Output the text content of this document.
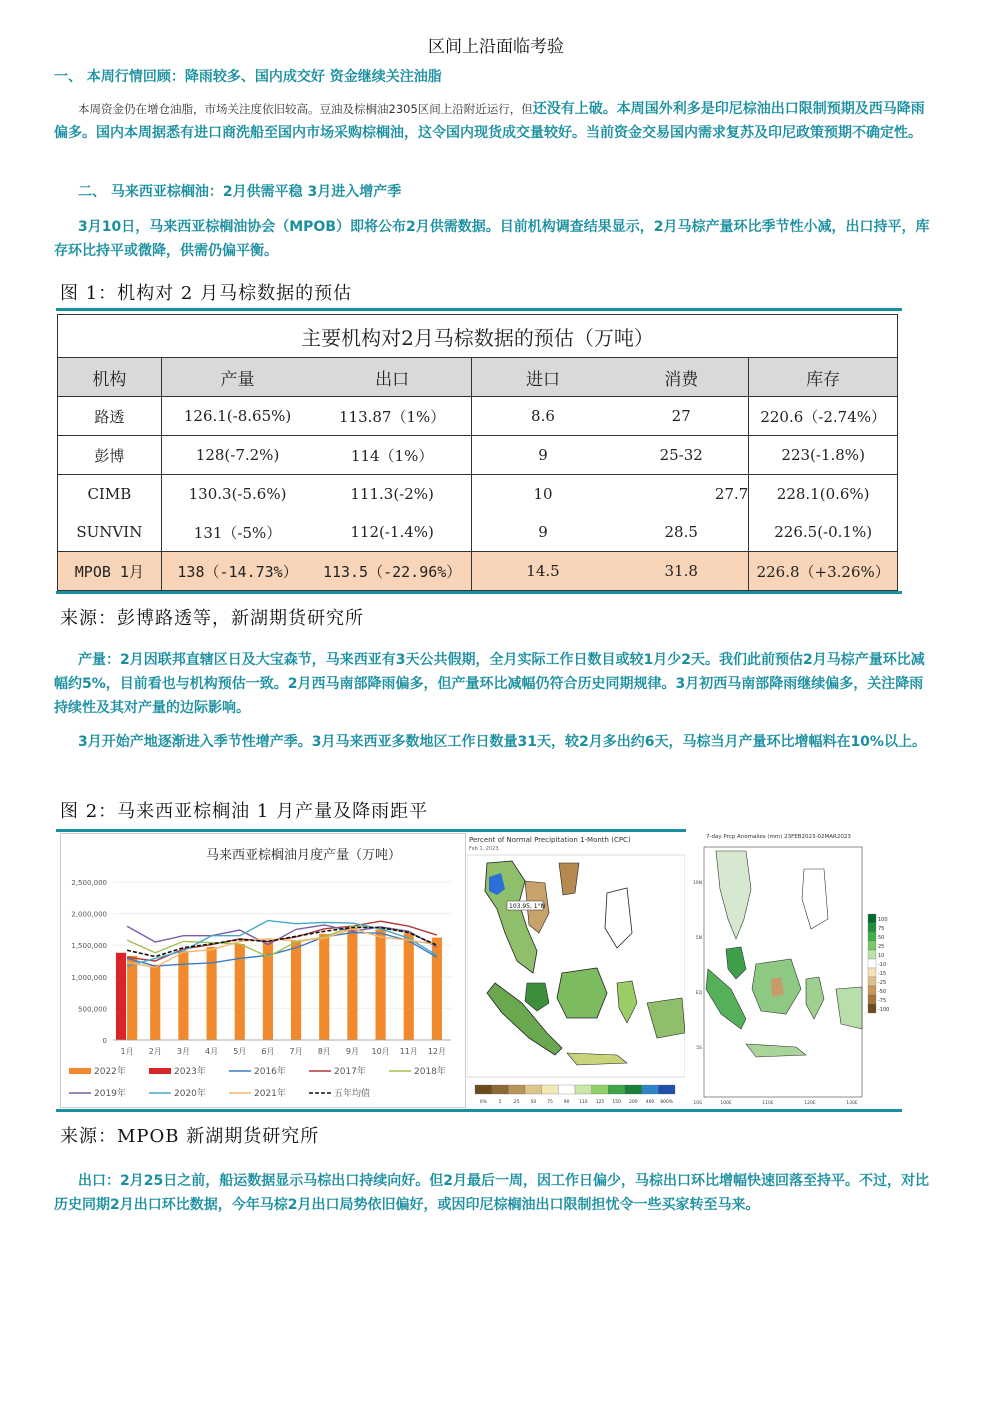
区间上沿面临考验
一、 本周行情回顾：降雨较多、国内成交好 资金继续关注油脂
本周资金仍在增仓油脂，市场关注度依旧较高。豆油及棕榈油2305区间上沿附近运行，但还没有上破。本周国外利多是印尼棕油出口限制预期及西马降雨偏多。国内本周据悉有进口商洗船至国内市场采购棕榈油，这令国内现货成交量较好。当前资金交易国内需求复苏及印尼政策预期不确定性。
二、 马来西亚棕榈油：2月供需平稳 3月进入增产季
3月10日，马来西亚棕榈油协会（MPOB）即将公布2月供需数据。目前机构调查结果显示，2月马棕产量环比季节性小减，出口持平，库存环比持平或微降，供需仍偏平衡。
图 1：机构对 2 月马棕数据的预估
主要机构对2月马棕数据的预估（万吨）					
机构	产量	出口	进口	消费	库存
路透	126.1(-8.65%)	113.87（1%）	8.6	27	220.6（-2.74%）
彭博	128(-7.2%)	114（1%）	9	25-32	223(-1.8%)
CIMB	130.3(-5.6%)	111.3(-2%)	10	27.7	228.1(0.6%)
SUNVIN	131（-5%）	112(-1.4%)	9	28.5	226.5(-0.1%)
MPOB 1月	138（-14.73%）	113.5（-22.96%）	14.5	31.8	226.8（+3.26%）
来源：彭博路透等，新湖期货研究所
产量：2月因联邦直辖区日及大宝森节，马来西亚有3天公共假期，全月实际工作日数目或较1月少2天。我们此前预估2月马棕产量环比减幅约5%，目前看也与机构预估一致。2月西马南部降雨偏多，但产量环比减幅仍符合历史同期规律。3月初西马南部降雨继续偏多，关注降雨持续性及其对产量的边际影响。
3月开始产地逐渐进入季节性增产季。3月马来西亚多数地区工作日数量31天，较2月多出约6天，马棕当月产量环比增幅料在10%以上。
图 2：马来西亚棕榈油 1 月产量及降雨距平
马来西亚棕榈油月度产量（万吨）
0
500,000
1,000,000
1,500,000
2,000,000
2,500,000
1月 2月 3月 4月 5月 6月 7月 8月 9月 10月 11月 12月
2022年	2023年	2016年	2017年	2018年
2019年	2020年	2021年	五年均值
Percent of Normal Precipitation 1-Month (CPC)
Feb 1, 2023
103.95, 1°N
0%	5	25 50 75 90 110 125 150 200 400 800%
7-day Prcp Anomalies (mm) 23FEB2023-02MAR2023
10N
5N
EQ
5S
10S	100E	110E	120E	130E
100
75
50
25
10
-10
-15
-25
-50
-75
-100
来源：MPOB 新湖期货研究所
出口：2月25日之前，船运数据显示马棕出口持续向好。但2月最后一周，因工作日偏少，马棕出口环比增幅快速回落至持平。不过，对比历史同期2月出口环比数据，今年马棕2月出口局势依旧偏好，或因印尼棕榈油出口限制担忧令一些买家转至马来。
